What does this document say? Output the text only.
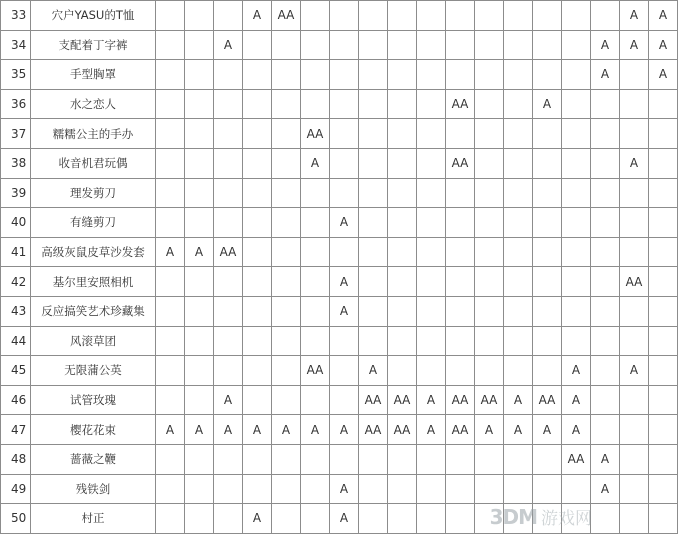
33	穴户YASU的T恤				A	AA												A	A
34	支配着丁字裤			A													A	A	A
35	手型胸罩																A		A
36	水之恋人											AA			A				
37	糯糯公主的手办						AA												
38	收音机君玩偶						A					AA						A	
39	理发剪刀																		
40	有缝剪刀							A											
41	高级灰鼠皮草沙发套	A	A	AA															
42	基尔里安照相机							A										AA	
43	反应搞笑艺术珍藏集							A											
44	风滚草团																		
45	无限蒲公英						AA		A							A		A	
46	试管玫瑰			A					AA	AA	A	AA	AA	A	AA	A			
47	樱花花束	A	A	A	A	A	A	A	AA	AA	A	AA	A	A	A	A			
48	蔷薇之鞭															AA	A		
49	残铁剑							A									A		
50	村正				A			A												3DM 游戏网
